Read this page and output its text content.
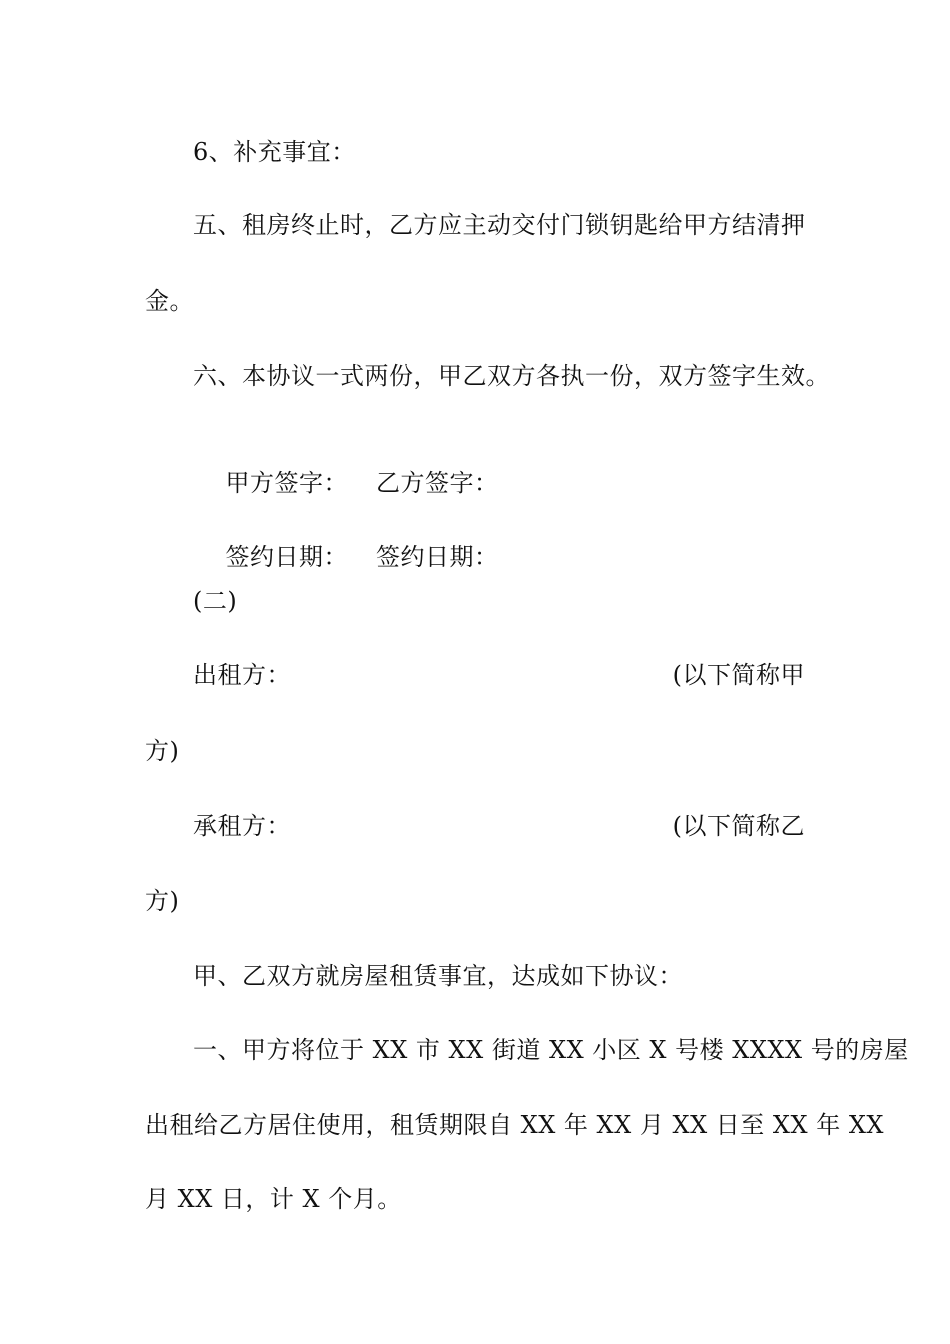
6、补充事宜：
五、租房终止时，乙方应主动交付门锁钥匙给甲方结清押
金。
六、本协议一式两份，甲乙双方各执一份，双方签字生效。

甲方签字： 乙方签字：

签约日期： 签约日期：

(二)
出租方：	(以下简称甲
方)
承租方：	(以下简称乙
方)
甲、乙双方就房屋租赁事宜，达成如下协议：
一、甲方将位于 XX 市 XX 街道 XX 小区 X 号楼 XXXX 号的房屋
出租给乙方居住使用，租赁期限自 XX 年 XX 月 XX 日至 XX 年 XX
月 XX 日，计 X 个月。
